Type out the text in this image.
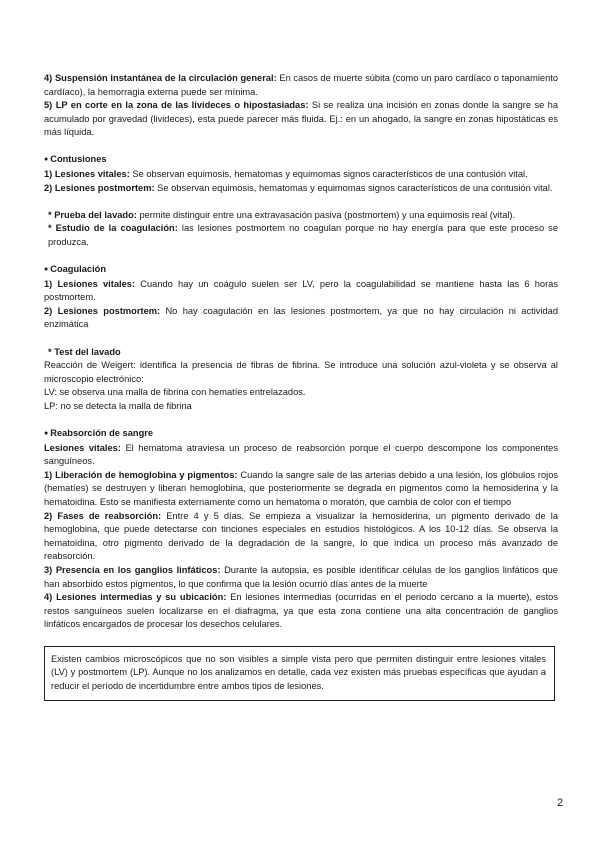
4) Suspensión instantánea de la circulación general: En casos de muerte súbita (como un paro cardíaco o taponamiento cardíaco), la hemorragia externa puede ser mínima.

5) LP en corte en la zona de las livideces o hipostasiadas: Si se realiza una incisión en zonas donde la sangre se ha acumulado por gravedad (livideces), esta puede parecer más fluida. Ej.: en un ahogado, la sangre en zonas hipostáticas es más líquida.

● Contusiones

1) Lesiones vitales: Se observan equimosis, hematomas y equimomas signos característicos de una contusión vital.

2) Lesiones postmortem: Se observan equimosis, hematomas y equimomas signos característicos de una contusión vital.

* Prueba del lavado: permite distinguir entre una extravasación pasiva (postmortem) y una equimosis real (vital).

* Estudio de la coagulación: las lesiones postmortem no coagulan porque no hay energía para que este proceso se produzca.

● Coagulación

1) Lesiones vitales: Cuando hay un coágulo suelen ser LV, pero la coagulabilidad se mantiene hasta las 6 horas postmortem.

2) Lesiones postmortem: No hay coagulación en las lesiones postmortem, ya que no hay circulación ni actividad enzimática

* Test del lavado

Reacción de Weigert: identifica la presencia de fibras de fibrina. Se introduce una solución azul-violeta y se observa al microscopio electrónico:

LV: se observa una malla de fibrina con hematíes entrelazados.

LP: no se detecta la malla de fibrina

● Reabsorción de sangre

Lesiones vitales: El hematoma atraviesa un proceso de reabsorción porque el cuerpo descompone los componentes sanguíneos.

1) Liberación de hemoglobina y pigmentos: Cuando la sangre sale de las arterias debido a una lesión, los glóbulos rojos (hematíes) se destruyen y liberan hemoglobina, que posteriormente se degrada en pigmentos como la hemosiderina y la hematoidina. Esto se manifiesta externamente como un hematoma o moratón, que cambia de color con el tiempo

2) Fases de reabsorción: Entre 4 y 5 días. Se empieza a visualizar la hemosiderina, un pigmento derivado de la hemoglobina, que puede detectarse con tinciones especiales en estudios histológicos. A los 10-12 días. Se observa la hematoidina, otro pigmento derivado de la degradación de la sangre, lo que indica un proceso más avanzado de reabsorción.

3) Presencia en los ganglios linfáticos: Durante la autopsia, es posible identificar células de los ganglios linfáticos que han absorbido estos pigmentos, lo que confirma que la lesión ocurrió días antes de la muerte

4) Lesiones intermedias y su ubicación: En lesiones intermedias (ocurridas en el periodo cercano a la muerte), estos restos sanguíneos suelen localizarse en el diafragma, ya que esta zona contiene una alta concentración de ganglios linfáticos encargados de procesar los desechos celulares.

Existen cambios microscópicos que no son visibles a simple vista pero que permiten distinguir entre lesiones vitales (LV) y postmortem (LP). Aunque no los analizamos en detalle, cada vez existen más pruebas específicas que ayudan a reducir el período de incertidumbre entre ambos tipos de lesiones.

2
